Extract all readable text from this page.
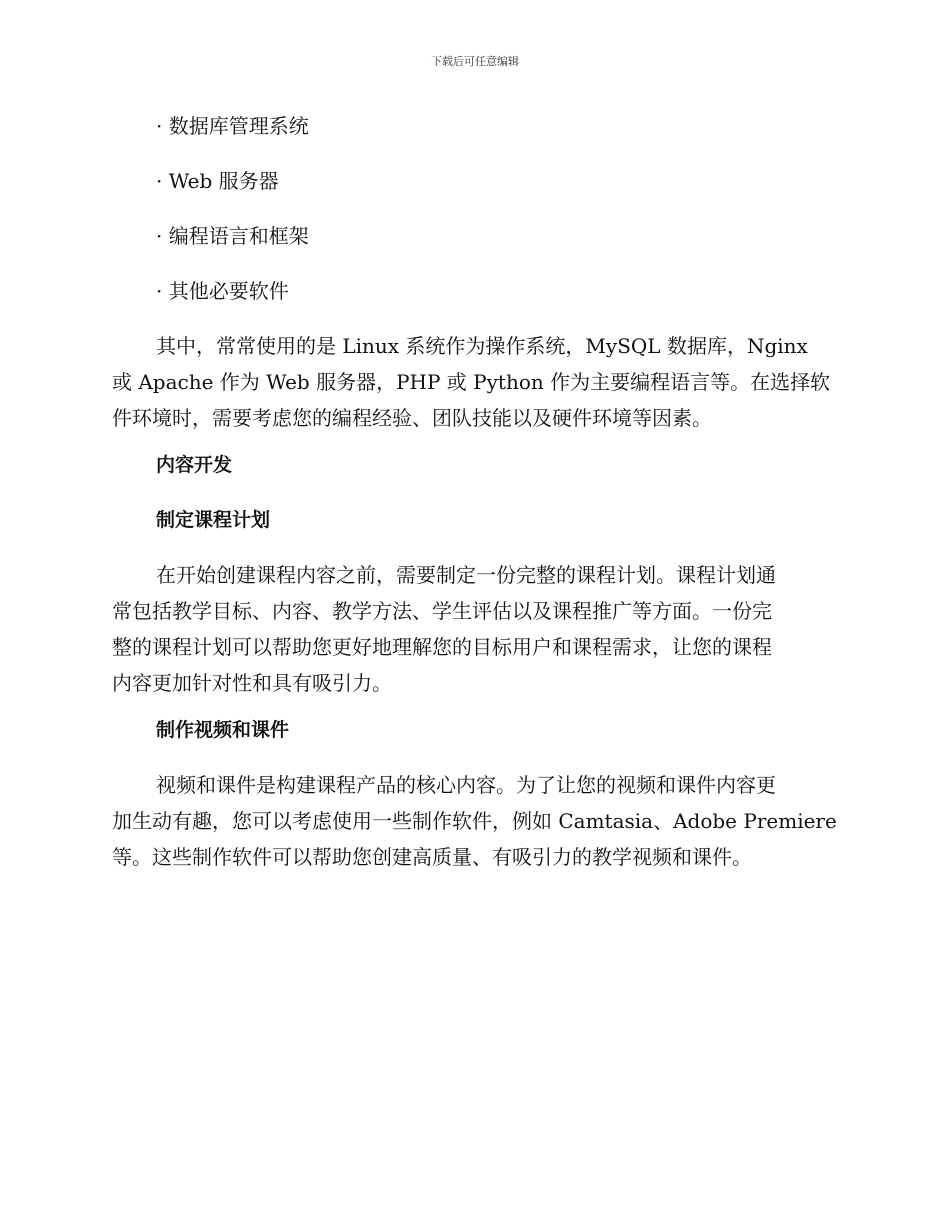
下载后可任意编辑
· 数据库管理系统
· Web 服务器
· 编程语言和框架
· 其他必要软件
其中，常常使用的是 Linux 系统作为操作系统，MySQL 数据库，Nginx
或 Apache 作为 Web 服务器，PHP 或 Python 作为主要编程语言等。在选择软
件环境时，需要考虑您的编程经验、团队技能以及硬件环境等因素。
内容开发
制定课程计划
在开始创建课程内容之前，需要制定一份完整的课程计划。课程计划通
常包括教学目标、内容、教学方法、学生评估以及课程推广等方面。一份完
整的课程计划可以帮助您更好地理解您的目标用户和课程需求，让您的课程
内容更加针对性和具有吸引力。
制作视频和课件
视频和课件是构建课程产品的核心内容。为了让您的视频和课件内容更
加生动有趣，您可以考虑使用一些制作软件，例如 Camtasia、Adobe Premiere
等。这些制作软件可以帮助您创建高质量、有吸引力的教学视频和课件。
